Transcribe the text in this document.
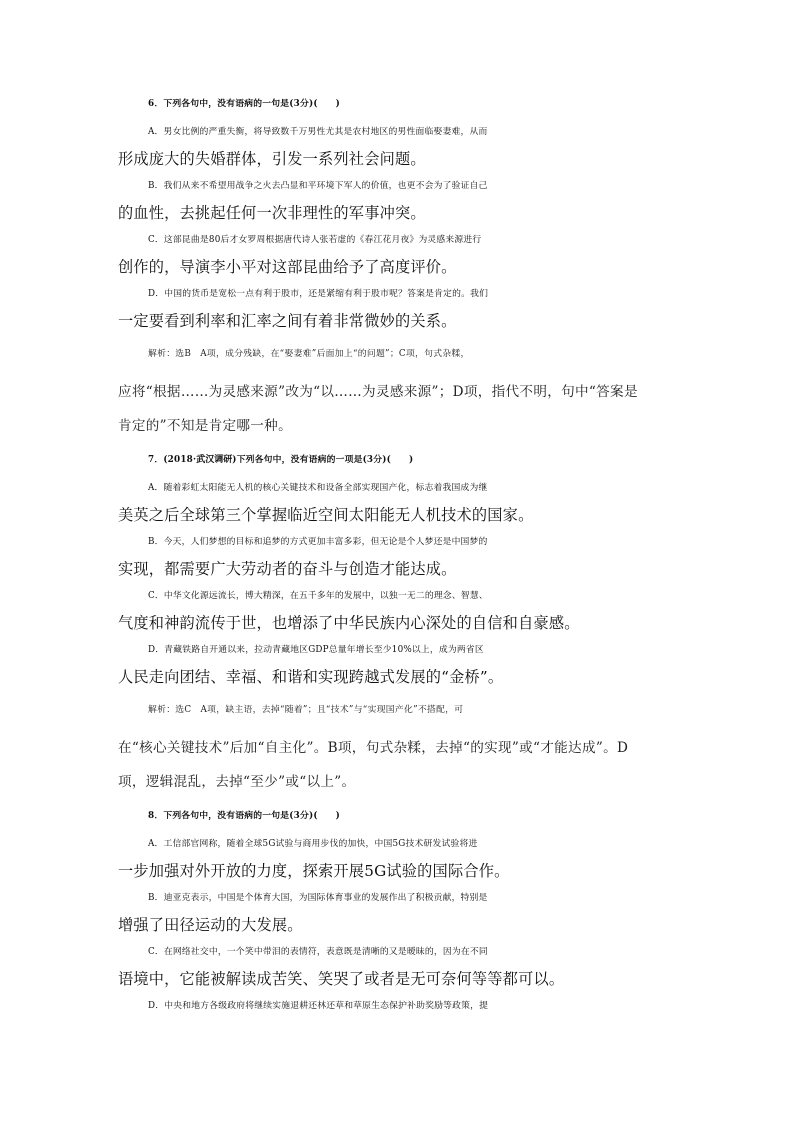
6．下列各句中，没有语病的一句是(3分)(　　)
A．男女比例的严重失衡，将导致数千万男性尤其是农村地区的男性面临娶妻难，从而
形成庞大的失婚群体，引发一系列社会问题。
B．我们从来不希望用战争之火去凸显和平环境下军人的价值，也更不会为了验证自己
的血性，去挑起任何一次非理性的军事冲突。
C．这部昆曲是80后才女罗周根据唐代诗人张若虚的《春江花月夜》为灵感来源进行
创作的，导演李小平对这部昆曲给予了高度评价。
D．中国的货币是宽松一点有利于股市，还是紧缩有利于股市呢？答案是肯定的。我们
一定要看到利率和汇率之间有着非常微妙的关系。
解析：选B　A项，成分残缺，在“娶妻难”后面加上“的问题”；C项，句式杂糅，
应将“根据……为灵感来源”改为“以……为灵感来源”；D项，指代不明，句中“答案是
肯定的”不知是肯定哪一种。
7．(2018·武汉调研)下列各句中，没有语病的一项是(3分)(　　)
A．随着彩虹太阳能无人机的核心关键技术和设备全部实现国产化，标志着我国成为继
美英之后全球第三个掌握临近空间太阳能无人机技术的国家。
B．今天，人们梦想的目标和追梦的方式更加丰富多彩，但无论是个人梦还是中国梦的
实现，都需要广大劳动者的奋斗与创造才能达成。
C．中华文化源远流长，博大精深，在五千多年的发展中，以独一无二的理念、智慧、
气度和神韵流传于世，也增添了中华民族内心深处的自信和自豪感。
D．青藏铁路自开通以来，拉动青藏地区GDP总量年增长至少10%以上，成为两省区
人民走向团结、幸福、和谐和实现跨越式发展的“金桥”。
解析：选C　A项，缺主语，去掉“随着”；且“技术”与“实现国产化”不搭配，可
在“核心关键技术”后加“自主化”。B项，句式杂糅，去掉“的实现”或“才能达成”。D
项，逻辑混乱，去掉“至少”或“以上”。
8．下列各句中，没有语病的一句是(3分)(　　)
A．工信部官网称，随着全球5G试验与商用步伐的加快，中国5G技术研发试验将进
一步加强对外开放的力度，探索开展5G试验的国际合作。
B．迪亚克表示，中国是个体育大国，为国际体育事业的发展作出了积极贡献，特别是
增强了田径运动的大发展。
C．在网络社交中，一个笑中带泪的表情符，表意既是清晰的又是暧昧的，因为在不同
语境中，它能被解读成苦笑、笑哭了或者是无可奈何等等都可以。
D．中央和地方各级政府将继续实施退耕还林还草和草原生态保护补助奖励等政策，提
